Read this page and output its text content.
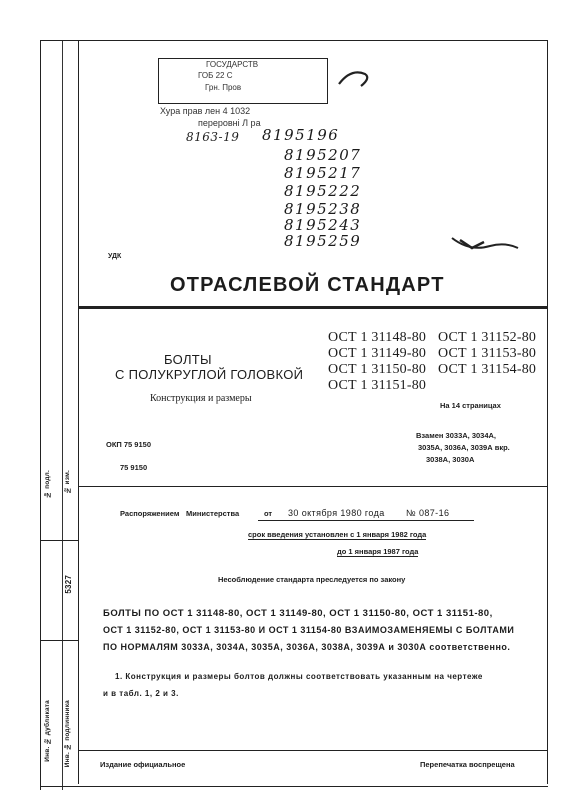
№ подл. № изм.
5327
Инв. № дубликата Инв. № подлинника
ГОСУДАРСТВ
ГОБ 22 С
Грн. Пров
Хура прав лен 4 1032
переровні Л ра
8163-19 8195196
8195207
8195217
8195222
8195238
8195243
8195259
УДК
ОТРАСЛЕВОЙ СТАНДАРТ
БОЛТЫ
С ПОЛУКРУГЛОЙ ГОЛОВКОЙ
Конструкция и размеры
ОСТ 1 31148-80
ОСТ 1 31149-80
ОСТ 1 31150-80
ОСТ 1 31151-80
ОСТ 1 31152-80
ОСТ 1 31153-80
ОСТ 1 31154-80
На 14 страницах
Взамен 3033А, 3034А,
3035А, 3036А, 3039А вкр.
3038А, 3030А
ОКП 75 9150
75 9150
Распоряжением Министерства	от 30 октября 1980 года № 087-16
срок введения установлен с 1 января 1982 года
до 1 января 1987 года
Несоблюдение стандарта преследуется по закону
БОЛТЫ ПО ОСТ 1 31148-80, ОСТ 1 31149-80, ОСТ 1 31150-80, ОСТ 1 31151-80,
ОСТ 1 31152-80, ОСТ 1 31153-80 И ОСТ 1 31154-80 ВЗАИМОЗАМЕНЯЕМЫ С БОЛТАМИ
ПО НОРМАЛЯМ 3033А, 3034А, 3035А, 3036А, 3038А, 3039А и 3030А соответственно.
1. Конструкция и размеры болтов должны соответствовать указанным на чертеже
и в табл. 1, 2 и 3.
Издание официальное	Перепечатка воспрещена
